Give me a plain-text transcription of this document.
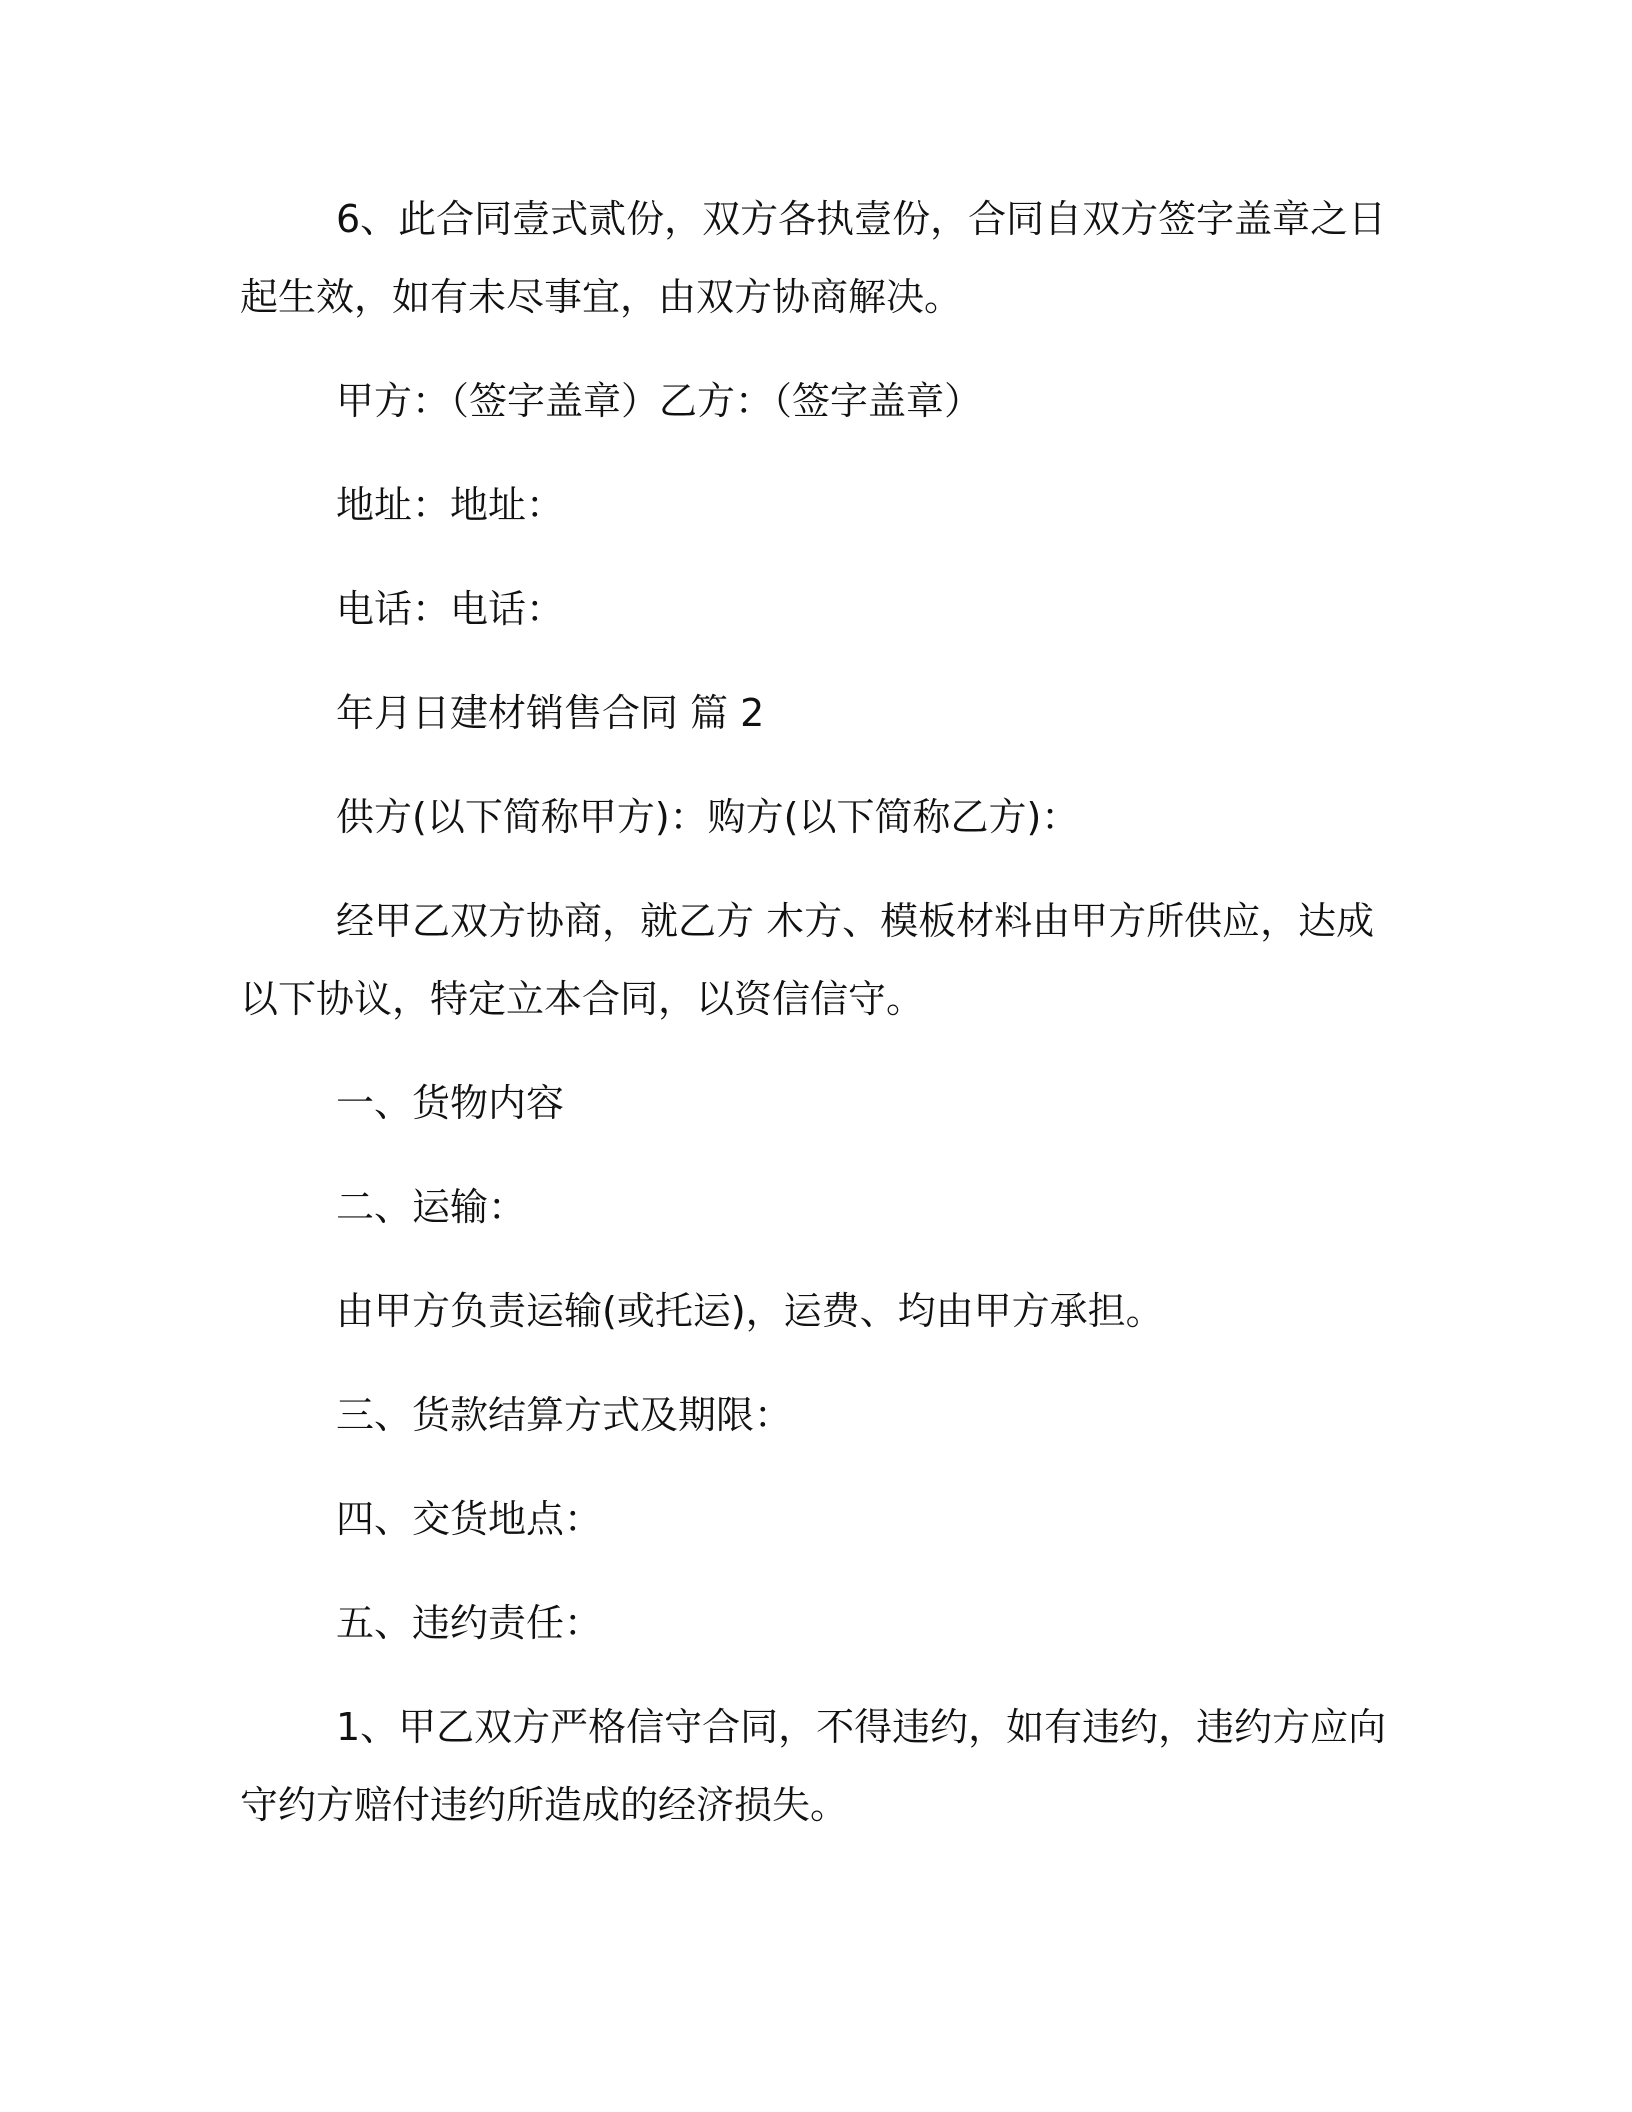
6、此合同壹式贰份，双方各执壹份，合同自双方签字盖章之日起生效，如有未尽事宜，由双方协商解决。

甲方：（签字盖章）乙方：（签字盖章）

地址：地址：

电话：电话：

年月日建材销售合同 篇 2

供方(以下简称甲方)：购方(以下简称乙方)：

经甲乙双方协商，就乙方 木方、模板材料由甲方所供应，达成以下协议，特定立本合同，以资信信守。

一、货物内容

二、运输：

由甲方负责运输(或托运)，运费、均由甲方承担。

三、货款结算方式及期限：

四、交货地点：

五、违约责任：

1、甲乙双方严格信守合同，不得违约，如有违约，违约方应向守约方赔付违约所造成的经济损失。
